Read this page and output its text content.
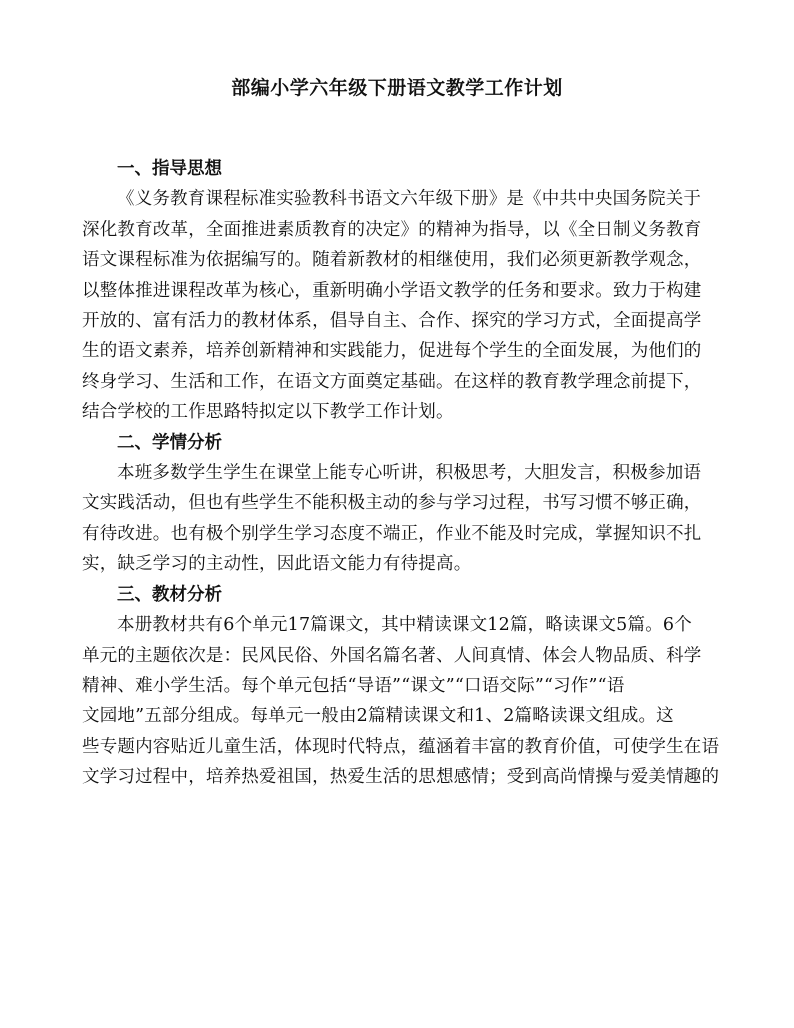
部编小学六年级下册语文教学工作计划
一、指导思想
《义务教育课程标准实验教科书语文六年级下册》是《中共中央国务院关于
深化教育改革，全面推进素质教育的决定》的精神为指导，以《全日制义务教育
语文课程标准为依据编写的。随着新教材的相继使用，我们必须更新教学观念，
以整体推进课程改革为核心，重新明确小学语文教学的任务和要求。致力于构建
开放的、富有活力的教材体系，倡导自主、合作、探究的学习方式，全面提高学
生的语文素养，培养创新精神和实践能力，促进每个学生的全面发展，为他们的
终身学习、生活和工作，在语文方面奠定基础。在这样的教育教学理念前提下，
结合学校的工作思路特拟定以下教学工作计划。
二、学情分析
本班多数学生学生在课堂上能专心听讲，积极思考，大胆发言，积极参加语
文实践活动，但也有些学生不能积极主动的参与学习过程，书写习惯不够正确，
有待改进。也有极个别学生学习态度不端正，作业不能及时完成，掌握知识不扎
实，缺乏学习的主动性，因此语文能力有待提高。
三、教材分析
本册教材共有6个单元17篇课文，其中精读课文12篇，略读课文5篇。6个
单元的主题依次是：民风民俗、外国名篇名著、人间真情、体会人物品质、科学
精神、难小学生活。每个单元包括“导语”“课文”“口语交际”“习作”“语
文园地”五部分组成。每单元一般由2篇精读课文和1、2篇略读课文组成。这
些专题内容贴近儿童生活，体现时代特点，蕴涵着丰富的教育价值，可使学生在语
文学习过程中，培养热爱祖国，热爱生活的思想感情；受到高尚情操与爱美情趣的
